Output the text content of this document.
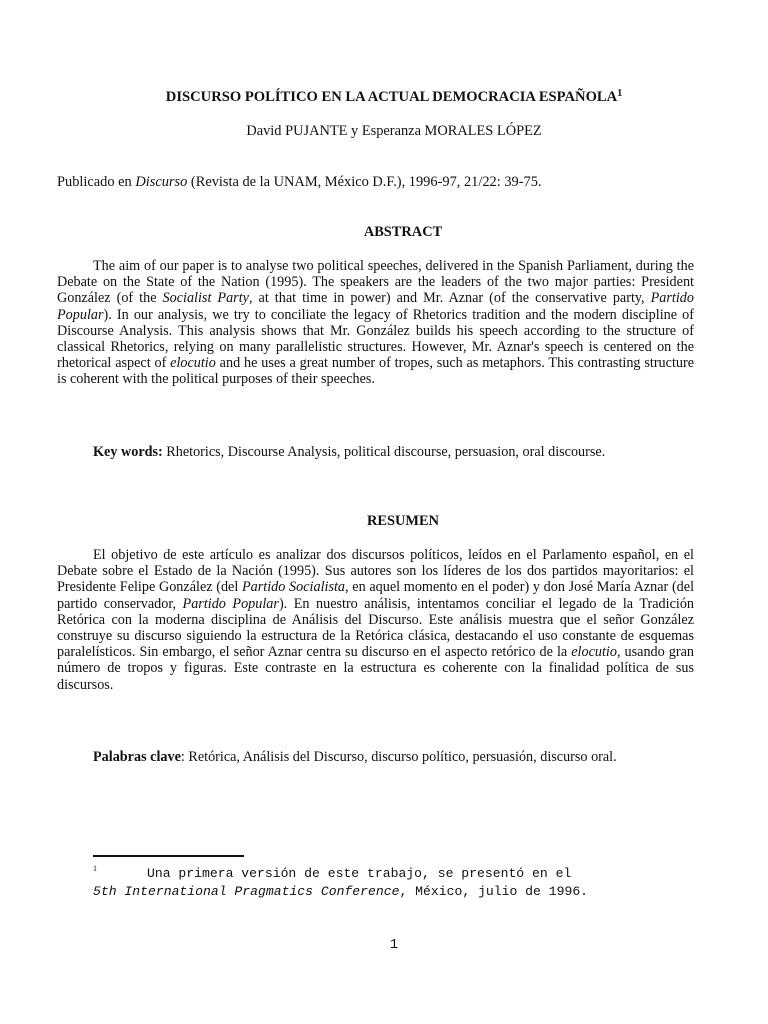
DISCURSO POLÍTICO EN LA ACTUAL DEMOCRACIA ESPAÑOLA$^1$
David PUJANTE y Esperanza MORALES LÓPEZ
Publicado en Discurso (Revista de la UNAM, México D.F.), 1996-97, 21/22: 39-75.
ABSTRACT

The aim of our paper is to analyse two political speeches, delivered in the Spanish Parliament, during the Debate on the State of the Nation (1995). The speakers are the leaders of the two major parties: President González (of the Socialist Party, at that time in power) and Mr. Aznar (of the conservative party, Partido Popular). In our analysis, we try to conciliate the legacy of Rhetorics tradition and the modern discipline of Discourse Analysis. This analysis shows that Mr. González builds his speech according to the structure of classical Rhetorics, relying on many parallelistic structures. However, Mr. Aznar's speech is centered on the rhetorical aspect of elocutio and he uses a great number of tropes, such as metaphors. This contrasting structure is coherent with the political purposes of their speeches.

Key words: Rhetorics, Discourse Analysis, political discourse, persuasion, oral discourse.
RESUMEN

El objetivo de este artículo es analizar dos discursos políticos, leídos en el Parlamento español, en el Debate sobre el Estado de la Nación (1995). Sus autores son los líderes de los dos partidos mayoritarios: el Presidente Felipe González (del Partido Socialista, en aquel momento en el poder) y don José María Aznar (del partido conservador, Partido Popular). En nuestro análisis, intentamos conciliar el legado de la Tradición Retórica con la moderna disciplina de Análisis del Discurso. Este análisis muestra que el señor González construye su discurso siguiendo la estructura de la Retórica clásica, destacando el uso constante de esquemas paralelísticos. Sin embargo, el señor Aznar centra su discurso en el aspecto retórico de la elocutio, usando gran número de tropos y figuras. Este contraste en la estructura es coherente con la finalidad política de sus discursos.

Palabras clave: Retórica, Análisis del Discurso, discurso político, persuasión, discurso oral.
$^1$	Una primera versión de este trabajo, se presentó en el
5th International Pragmatics Conference, México, julio de 1996.
1
